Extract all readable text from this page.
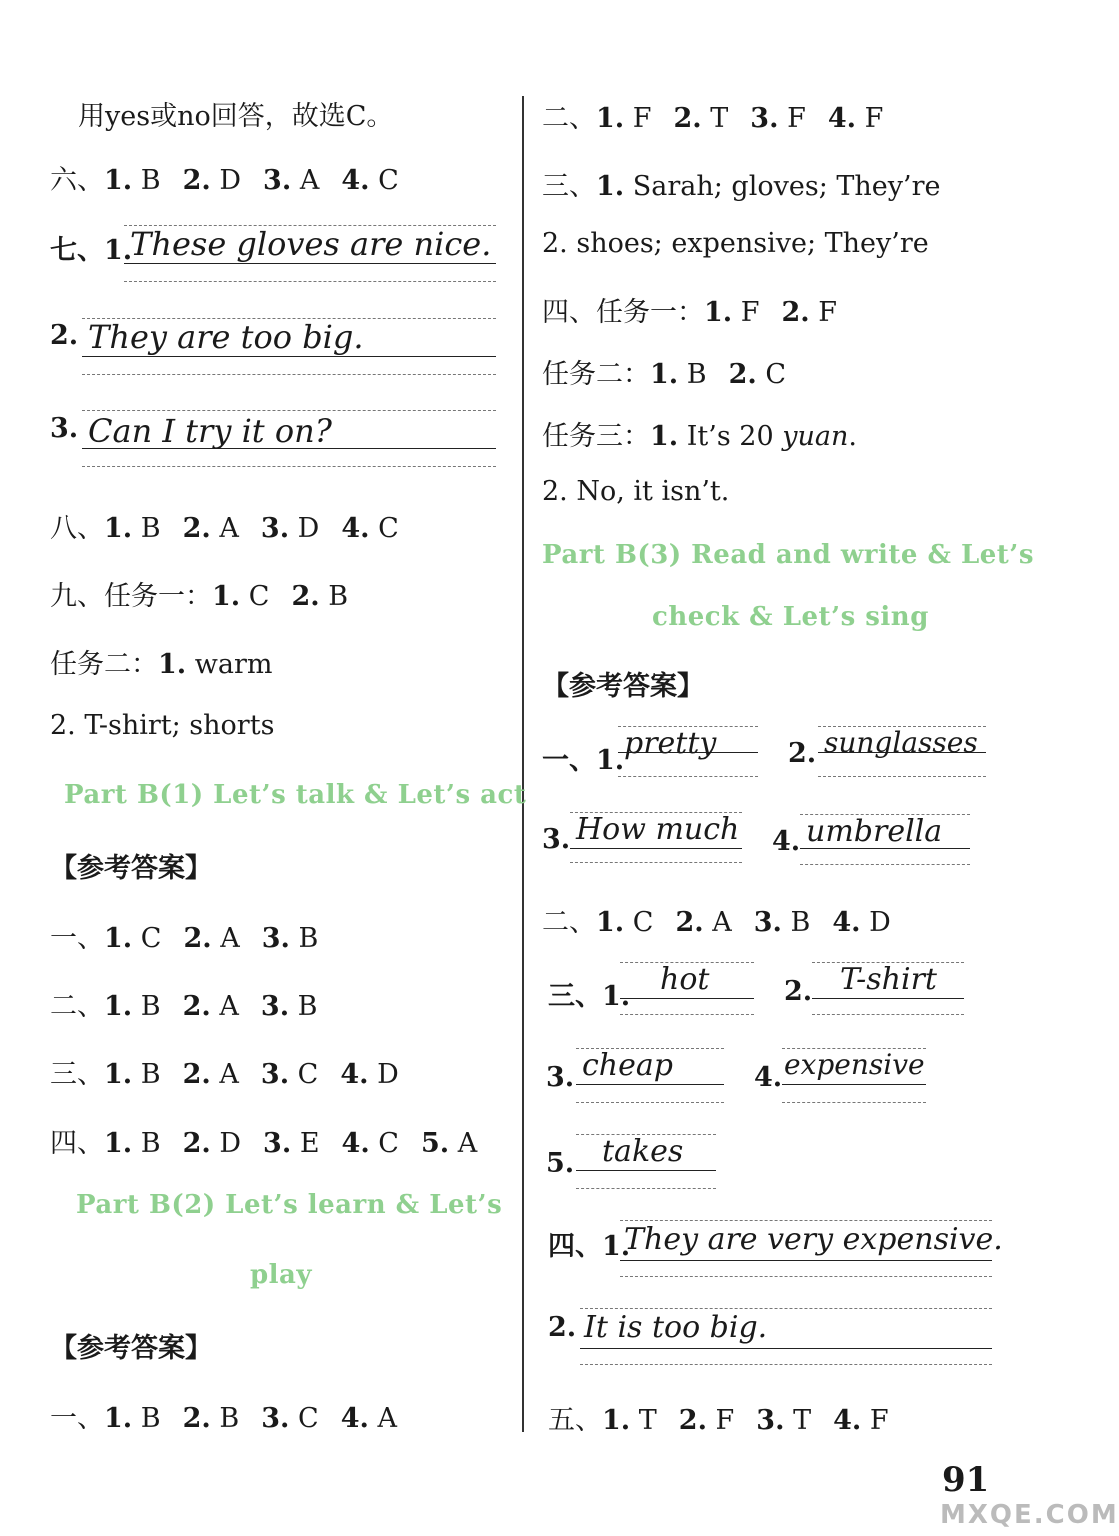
用yes或no回答，故选C。
六、1. B 2. D 3. A 4. C
七、1.
These gloves are nice.
2. They are too big.
3. Can I try it on?
八、1. B 2. A 3. D 4. C
九、任务一：1. C 2. B
任务二：1. warm
2. T-shirt; shorts
Part B(1) Let’s talk & Let’s act
【参考答案】
一、1. C 2. A 3. B
二、1. B 2. A 3. B
三、1. B 2. A 3. C 4. D
四、1. B 2. D 3. E 4. C 5. A
Part B(2) Let’s learn & Let’s
play
【参考答案】
一、1. B 2. B 3. C 4. A
二、1. F 2. T 3. F 4. F
三、1. Sarah; gloves; They’re
2. shoes; expensive; They’re
四、任务一：1. F 2. F
任务二：1. B 2. C
任务三：1. It’s 20 yuan.
2. No, it isn’t.
Part B(3) Read and write & Let’s
check & Let’s sing
【参考答案】
一、1. pretty	2. sunglasses
3. How much 4. umbrella
二、1. C 2. A 3. B 4. D
三、1. hot	2. T-shirt
3. cheap	4. expensive
5. takes
四、1.
They are very expensive.
2. It is too big.
五、1. T 2. F 3. T 4. F
91
MXQE.COM
